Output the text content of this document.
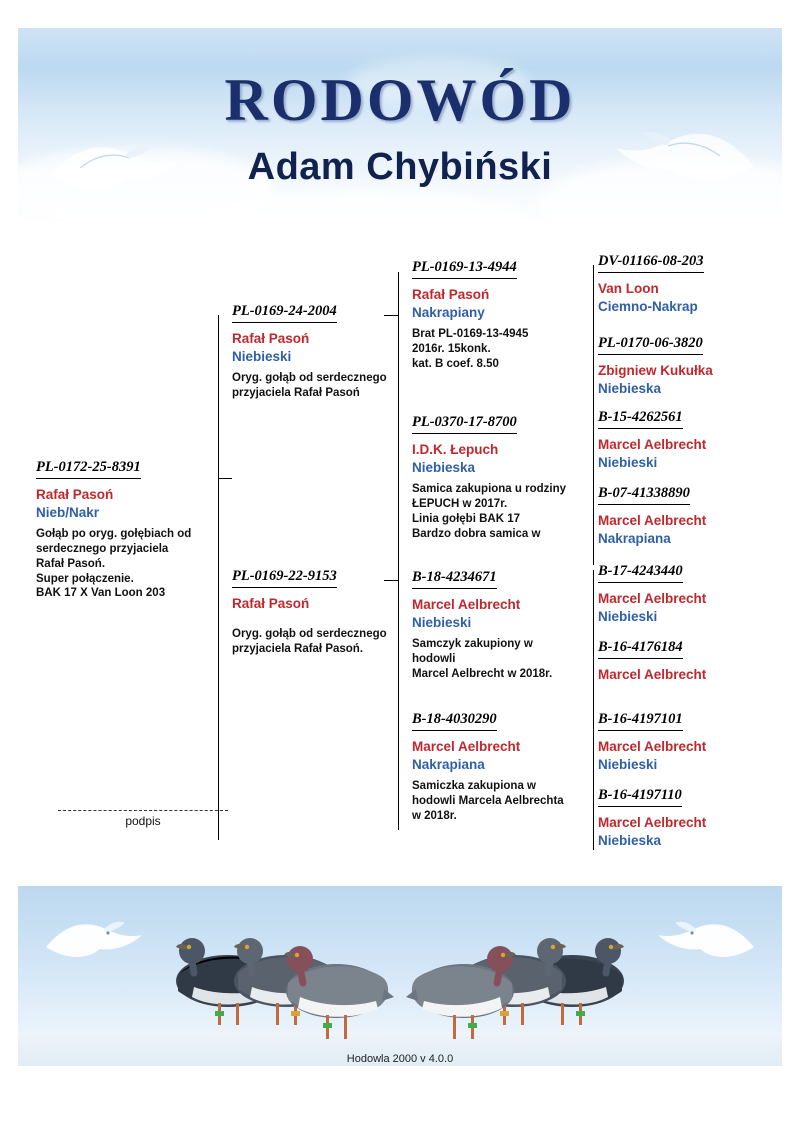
RODOWÓD
Adam Chybiński
PL-0172-25-8391
Rafał Pasoń
Nieb/Nakr
Gołąb po oryg. gołębiach od
serdecznego przyjaciela
Rafał Pasoń.
Super połączenie.
BAK 17 X Van Loon 203
PL-0169-24-2004
Rafał Pasoń
Niebieski
Oryg. gołąb od serdecznego
przyjaciela Rafał Pasoń
PL-0169-22-9153
Rafał Pasoń
Oryg. gołąb od serdecznego
przyjaciela Rafał Pasoń.
PL-0169-13-4944
Rafał Pasoń
Nakrapiany
Brat PL-0169-13-4945
2016r. 15konk.
kat. B coef. 8.50
PL-0370-17-8700
I.D.K. Łepuch
Niebieska
Samica zakupiona u rodziny
ŁEPUCH w 2017r.
Linia gołębi BAK 17
Bardzo dobra samica w
B-18-4234671
Marcel Aelbrecht
Niebieski
Samczyk zakupiony w
hodowli
Marcel Aelbrecht w 2018r.
B-18-4030290
Marcel Aelbrecht
Nakrapiana
Samiczka zakupiona w
hodowli Marcela Aelbrechta
w 2018r.
DV-01166-08-203
Van Loon
Ciemno-Nakrap
PL-0170-06-3820
Zbigniew Kukułka
Niebieska
B-15-4262561
Marcel Aelbrecht
Niebieski
B-07-41338890
Marcel Aelbrecht
Nakrapiana
B-17-4243440
Marcel Aelbrecht
Niebieski
B-16-4176184
Marcel Aelbrecht
B-16-4197101
Marcel Aelbrecht
Niebieski
B-16-4197110
Marcel Aelbrecht
Niebieska
podpis
Hodowla 2000 v 4.0.0
